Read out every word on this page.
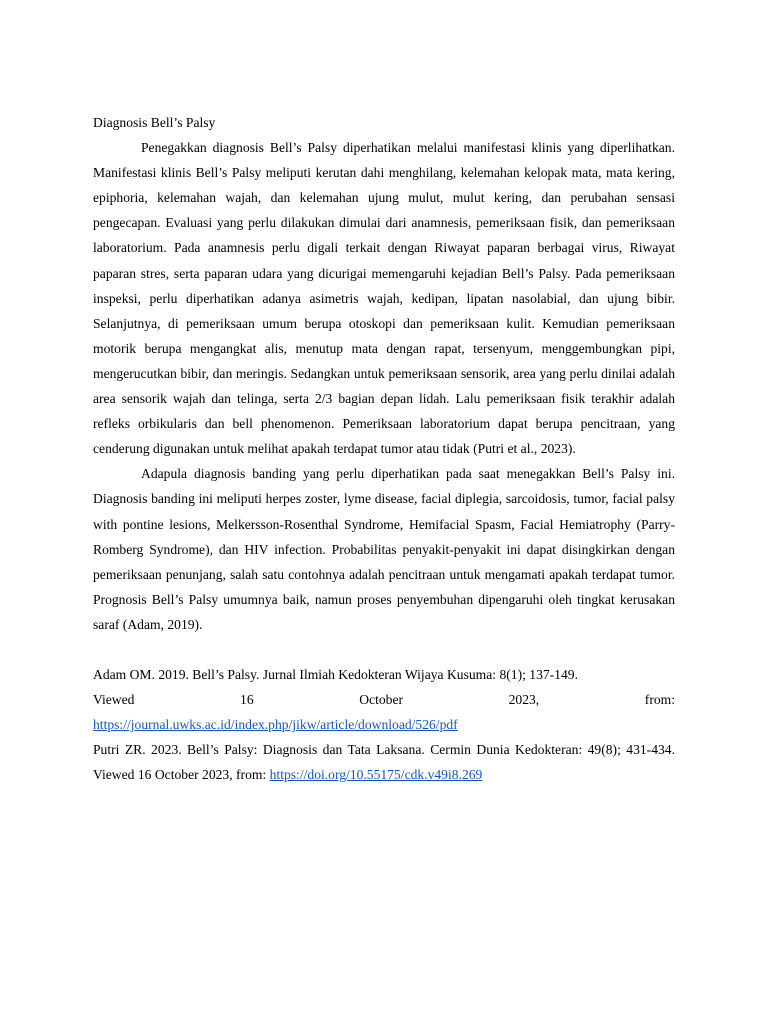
Diagnosis Bell’s Palsy

Penegakkan diagnosis Bell’s Palsy diperhatikan melalui manifestasi klinis yang diperlihatkan. Manifestasi klinis Bell’s Palsy meliputi kerutan dahi menghilang, kelemahan kelopak mata, mata kering, epiphoria, kelemahan wajah, dan kelemahan ujung mulut, mulut kering, dan perubahan sensasi pengecapan. Evaluasi yang perlu dilakukan dimulai dari anamnesis, pemeriksaan fisik, dan pemeriksaan laboratorium. Pada anamnesis perlu digali terkait dengan Riwayat paparan berbagai virus, Riwayat paparan stres, serta paparan udara yang dicurigai memengaruhi kejadian Bell’s Palsy. Pada pemeriksaan inspeksi, perlu diperhatikan adanya asimetris wajah, kedipan, lipatan nasolabial, dan ujung bibir. Selanjutnya, di pemeriksaan umum berupa otoskopi dan pemeriksaan kulit. Kemudian pemeriksaan motorik berupa mengangkat alis, menutup mata dengan rapat, tersenyum, menggembungkan pipi, mengerucutkan bibir, dan meringis. Sedangkan untuk pemeriksaan sensorik, area yang perlu dinilai adalah area sensorik wajah dan telinga, serta 2/3 bagian depan lidah. Lalu pemeriksaan fisik terakhir adalah refleks orbikularis dan bell phenomenon. Pemeriksaan laboratorium dapat berupa pencitraan, yang cenderung digunakan untuk melihat apakah terdapat tumor atau tidak (Putri et al., 2023).

Adapula diagnosis banding yang perlu diperhatikan pada saat menegakkan Bell’s Palsy ini. Diagnosis banding ini meliputi herpes zoster, lyme disease, facial diplegia, sarcoidosis, tumor, facial palsy with pontine lesions, Melkersson-Rosenthal Syndrome, Hemifacial Spasm, Facial Hemiatrophy (Parry-Romberg Syndrome), dan HIV infection. Probabilitas penyakit-penyakit ini dapat disingkirkan dengan pemeriksaan penunjang, salah satu contohnya adalah pencitraan untuk mengamati apakah terdapat tumor. Prognosis Bell’s Palsy umumnya baik, namun proses penyembuhan dipengaruhi oleh tingkat kerusakan saraf (Adam, 2019).

Adam OM. 2019. Bell’s Palsy. Jurnal Ilmiah Kedokteran Wijaya Kusuma: 8(1); 137-149.
Viewed 16 October 2023, from:
https://journal.uwks.ac.id/index.php/jikw/article/download/526/pdf

Putri ZR. 2023. Bell’s Palsy: Diagnosis dan Tata Laksana. Cermin Dunia Kedokteran: 49(8); 431-434. Viewed 16 October 2023, from: https://doi.org/10.55175/cdk.v49i8.269
